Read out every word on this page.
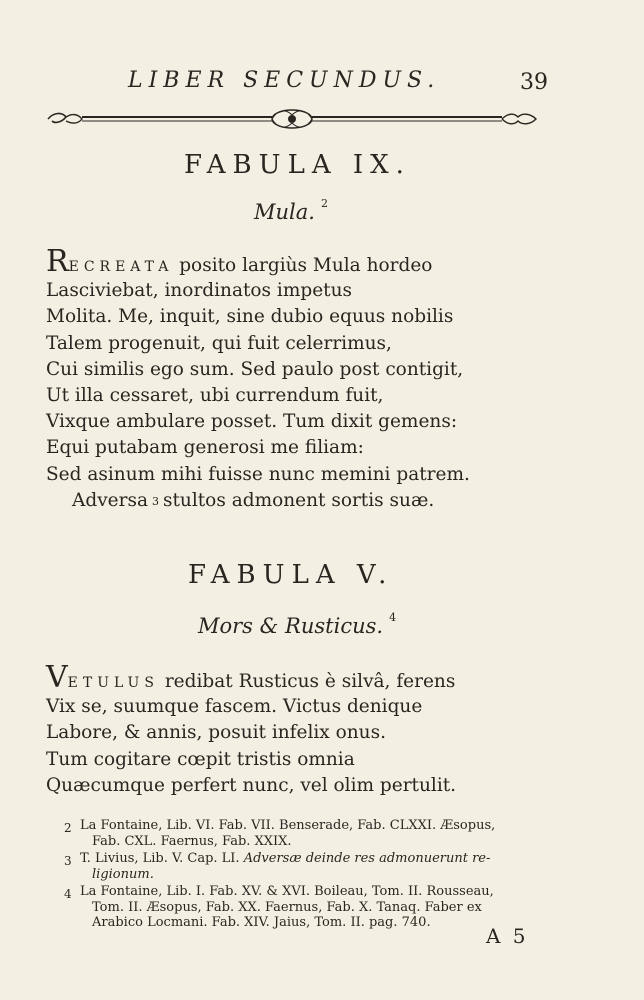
LIBER SECUNDUS.	39
FABULA IX.
Mula. $^2$
RECREATA posito largiùs Mula hordeo
Lasciviebat, inordinatos impetus
Molita. Me, inquit, sine dubio equus nobilis
Talem progenuit, qui fuit celerrimus,
Cui similis ego sum. Sed paulo post contigit,
Ut illa cessaret, ubi currendum fuit,
Vixque ambulare posset. Tum dixit gemens:
Equi putabam generosi me filiam:
Sed asinum mihi fuisse nunc memini patrem.
Adversa $^3$ stultos admonent sortis suæ.
FABULA V.
Mors & Rusticus. $^4$
VETULUS redibat Rusticus è silvâ, ferens
Vix se, suumque fascem. Victus denique
Labore, & annis, posuit infelix onus.
Tum cogitare cœpit tristis omnia
Quæcumque perfert nunc, vel olim pertulit.
2 La Fontaine, Lib. VI. Fab. VII. Benserade, Fab. CLXXI. Æsopus,
Fab. CXL. Faernus, Fab. XXIX.
3 T. Livius, Lib. V. Cap. LI. Adversæ deinde res admonuerunt re-
ligionum.
4 La Fontaine, Lib. I. Fab. XV. & XVI. Boileau, Tom. II. Rousseau,
Tom. II. Æsopus, Fab. XX. Faernus, Fab. X. Tanaq. Faber ex
Arabico Locmani. Fab. XIV. Jaius, Tom. II. pag. 740.
A 5
